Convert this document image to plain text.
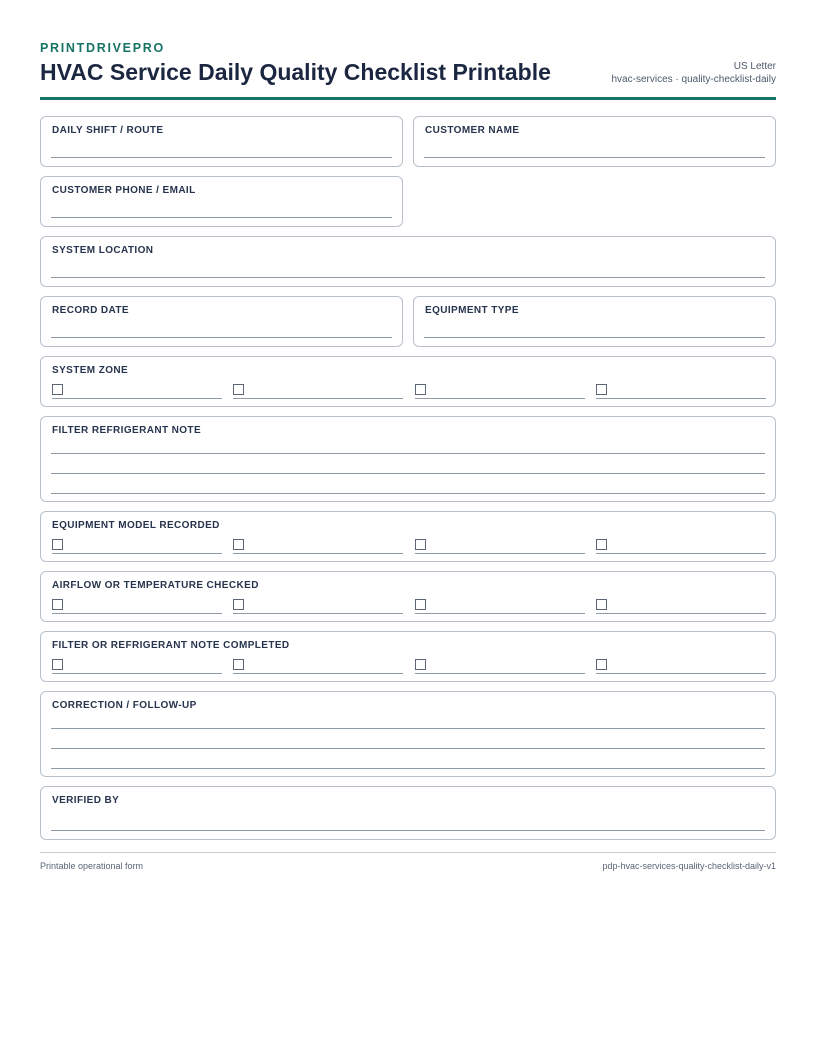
PRINTDRIVEPRO
HVAC Service Daily Quality Checklist Printable	US Letter
hvac-services · quality-checklist-daily
DAILY SHIFT / ROUTE	CUSTOMER NAME
CUSTOMER PHONE / EMAIL
SYSTEM LOCATION
RECORD DATE	EQUIPMENT TYPE
SYSTEM ZONE
FILTER REFRIGERANT NOTE
EQUIPMENT MODEL RECORDED
AIRFLOW OR TEMPERATURE CHECKED
FILTER OR REFRIGERANT NOTE COMPLETED
CORRECTION / FOLLOW-UP
VERIFIED BY
Printable operational form	pdp-hvac-services-quality-checklist-daily-v1
